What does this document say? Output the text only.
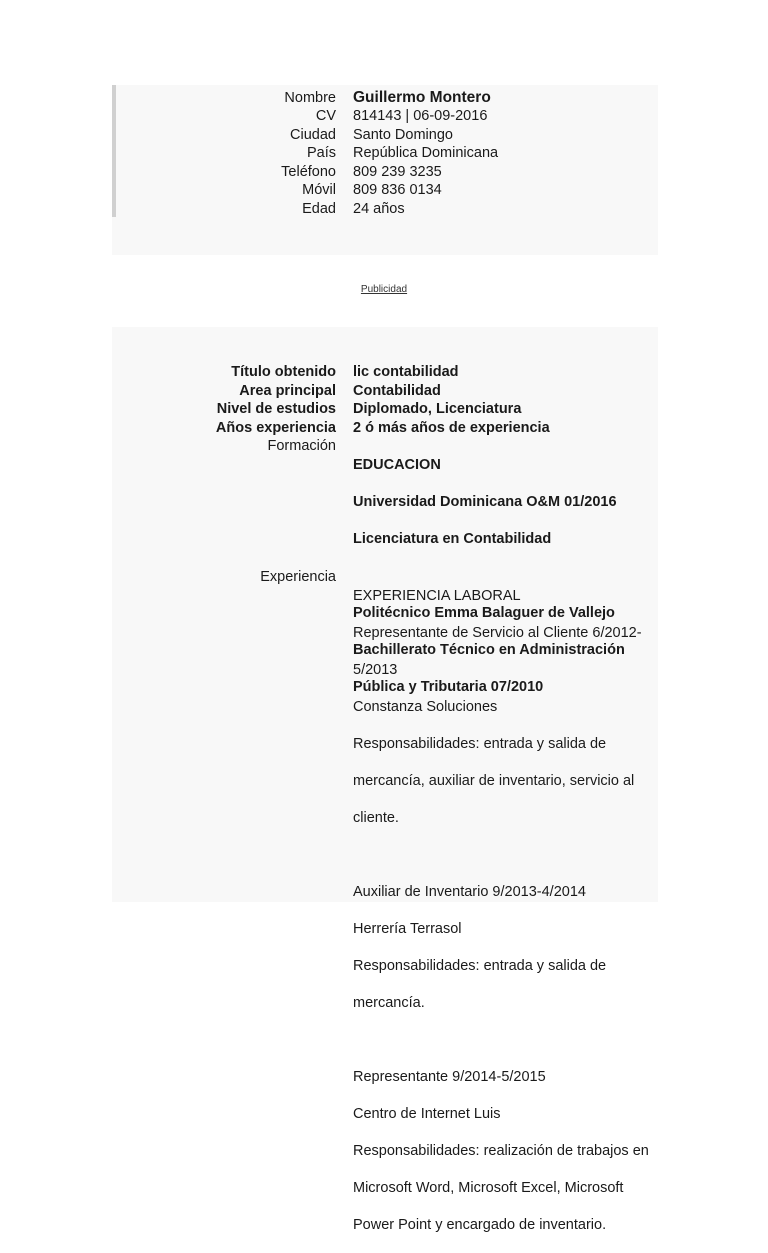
Nombre Guillermo Montero
CV 814143 | 06-09-2016
Ciudad Santo Domingo
País República Dominicana
Teléfono 809 239 3235
Móvil 809 836 0134
Edad 24 años
Publicidad
Título obtenido lic contabilidad
Area principal Contabilidad
Nivel de estudios Diplomado, Licenciatura
Años experiencia 2 ó más años de experiencia
Formación

EDUCACION

Universidad Dominicana O&M 01/2016

Licenciatura en Contabilidad

Politécnico Emma Balaguer de Vallejo

Bachillerato Técnico en Administración

Pública y Tributaria 07/2010

Experiencia

EXPERIENCIA LABORAL

Representante de Servicio al Cliente 6/2012-

5/2013

Constanza Soluciones

Responsabilidades: entrada y salida de

mercancía, auxiliar de inventario, servicio al

cliente.

Auxiliar de Inventario 9/2013-4/2014

Herrería Terrasol

Responsabilidades: entrada y salida de

mercancía.

Representante 9/2014-5/2015

Centro de Internet Luis

Responsabilidades: realización de trabajos en

Microsoft Word, Microsoft Excel, Microsoft

Power Point y encargado de inventario.
